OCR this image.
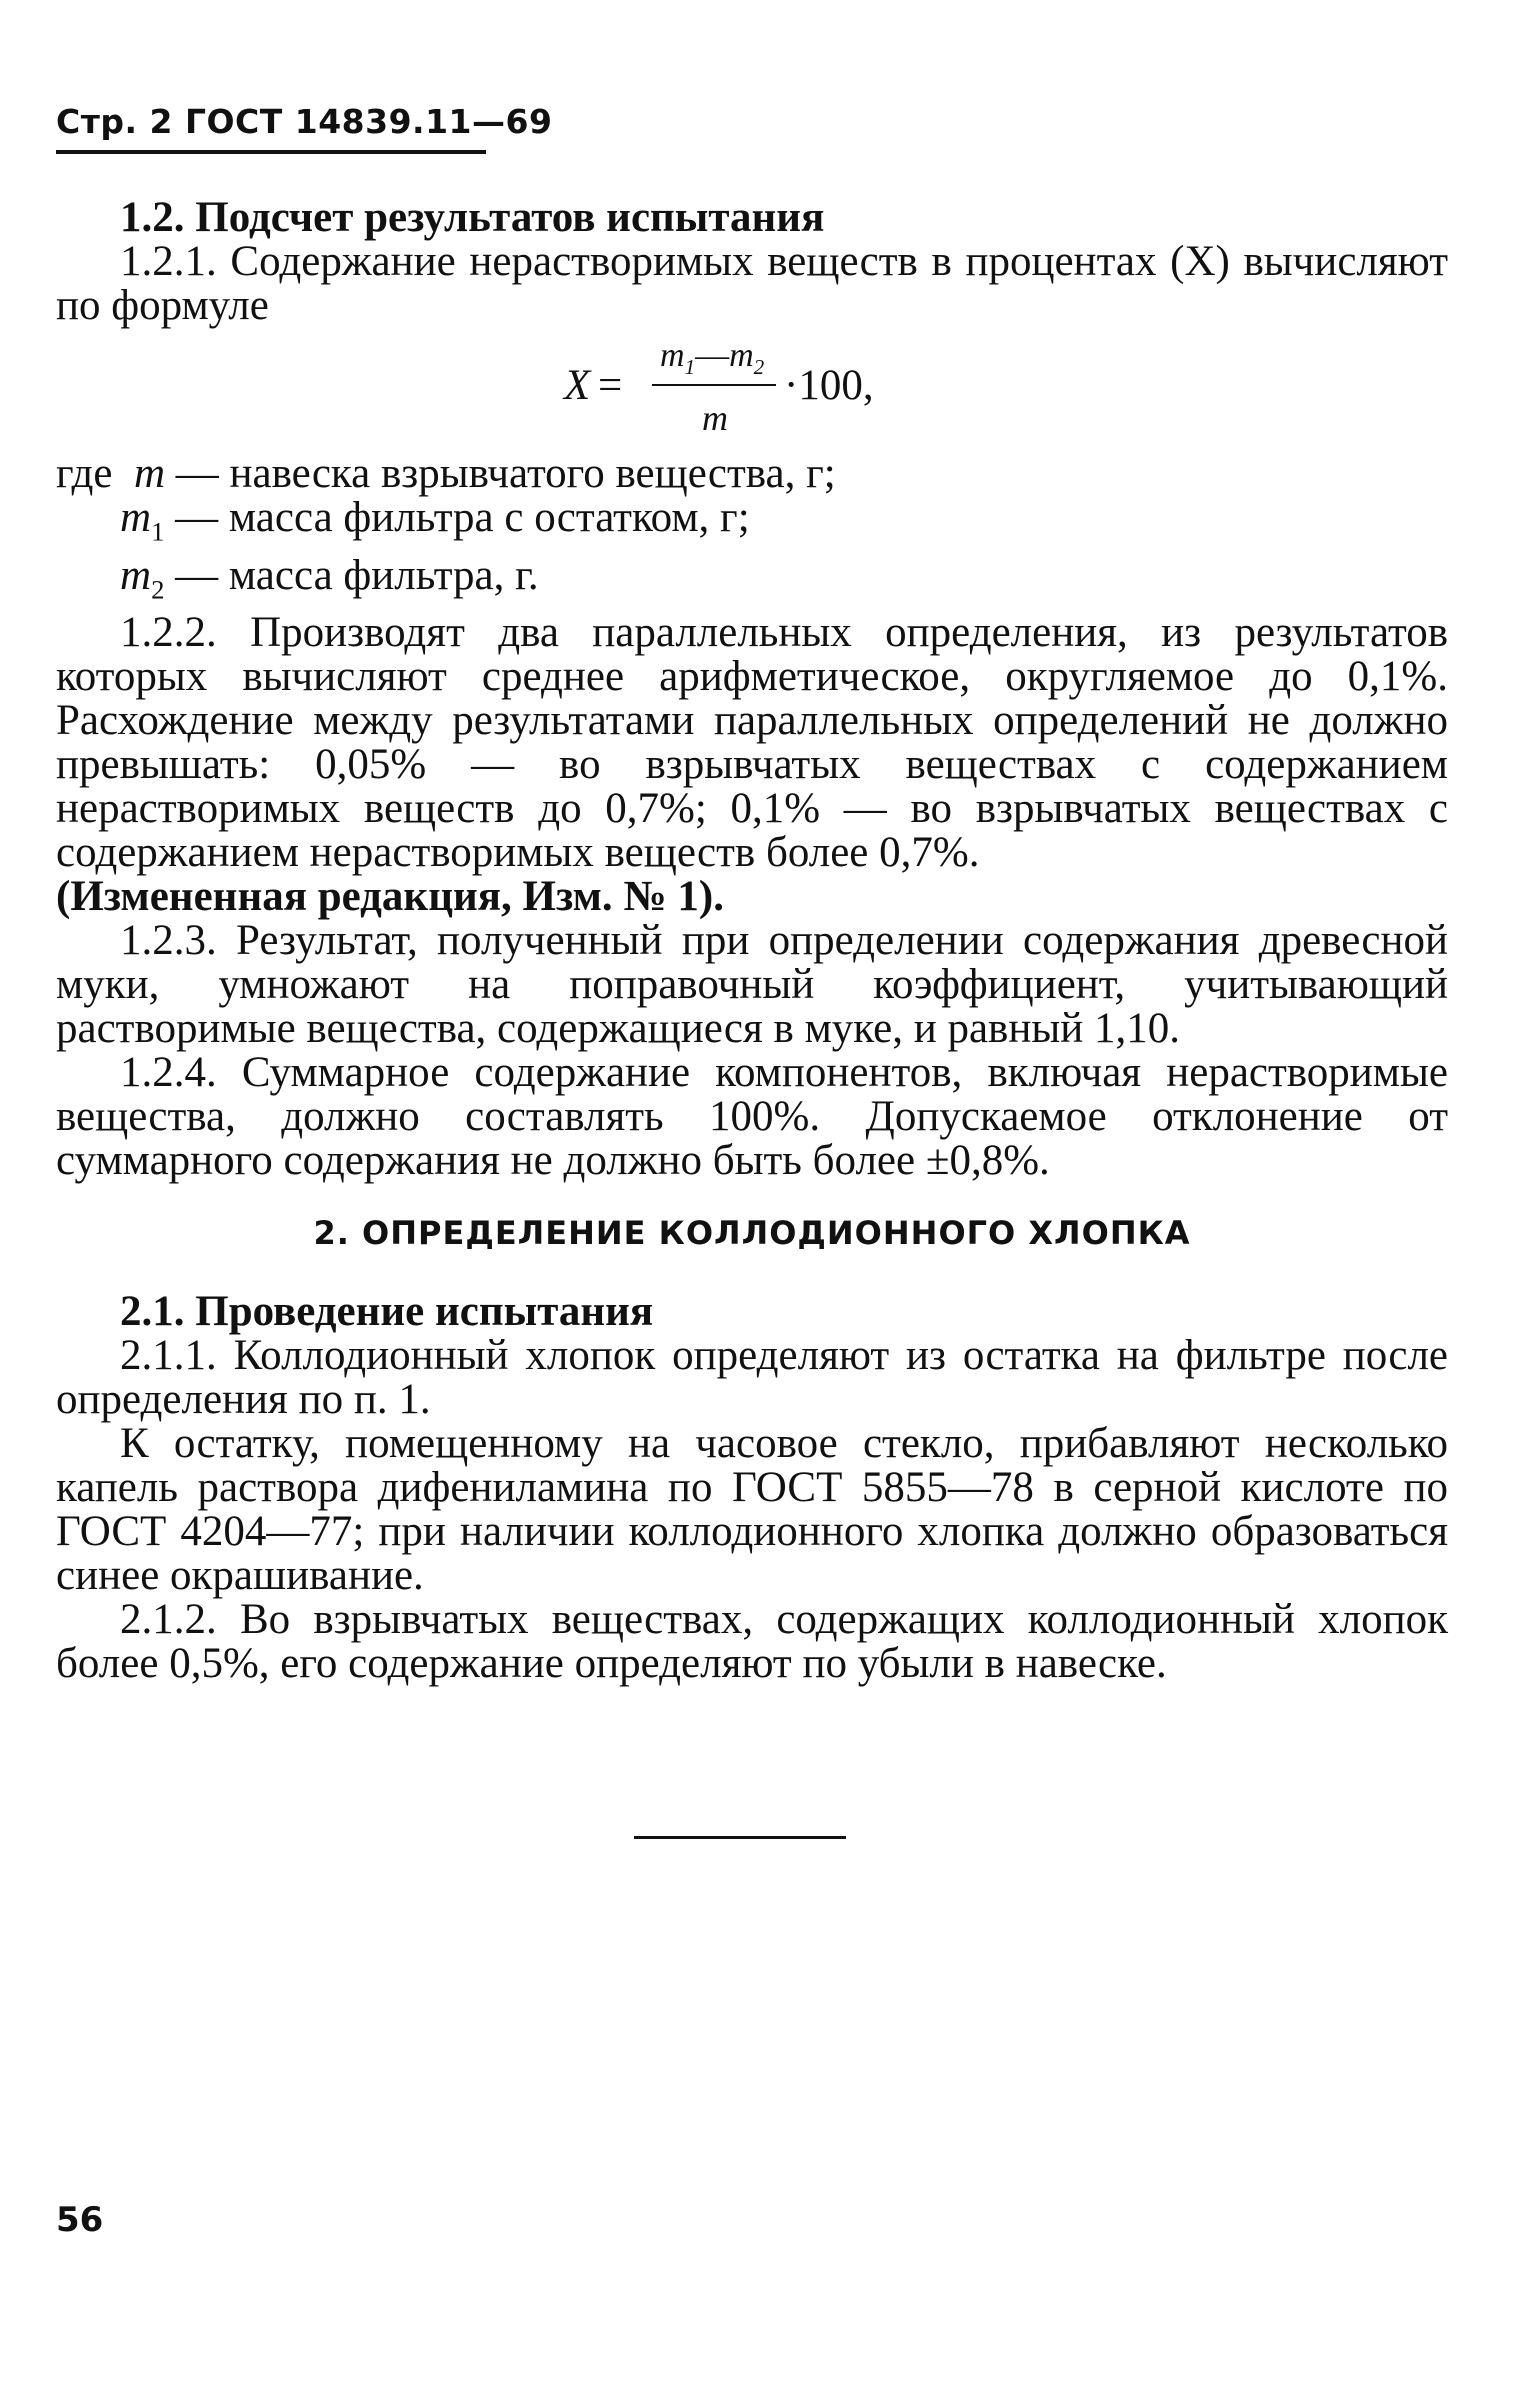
Стр. 2 ГОСТ 14839.11—69

1.2. Подсчет результатов испытания

1.2.1. Содержание нерастворимых веществ в процентах (X) вычисляют по формуле

X =
$m_1—m_2$
m
·100,

где m — навеска взрывчатого вещества, г;

$m_1$ — масса фильтра с остатком, г;

$m_2$ — масса фильтра, г.

1.2.2. Производят два параллельных определения, из результатов которых вычисляют среднее арифметическое, округляемое до 0,1%. Расхождение между результатами параллельных определений не должно превышать: 0,05% — во взрывчатых веществах с содержанием нерастворимых веществ до 0,7%; 0,1% — во взрывчатых веществах с содержанием нерастворимых веществ более 0,7%.

(Измененная редакция, Изм. № 1).

1.2.3. Результат, полученный при определении содержания древесной муки, умножают на поправочный коэффициент, учитывающий растворимые вещества, содержащиеся в муке, и равный 1,10.

1.2.4. Суммарное содержание компонентов, включая нерастворимые вещества, должно составлять 100%. Допускаемое отклонение от суммарного содержания не должно быть более ±0,8%.

2. ОПРЕДЕЛЕНИЕ КОЛЛОДИОННОГО ХЛОПКА

2.1. Проведение испытания

2.1.1. Коллодионный хлопок определяют из остатка на фильтре после определения по п. 1.

К остатку, помещенному на часовое стекло, прибавляют несколько капель раствора дифениламина по ГОСТ 5855—78 в серной кислоте по ГОСТ 4204—77; при наличии коллодионного хлопка должно образоваться синее окрашивание.

2.1.2. Во взрывчатых веществах, содержащих коллодионный хлопок более 0,5%, его содержание определяют по убыли в навеске.

56
